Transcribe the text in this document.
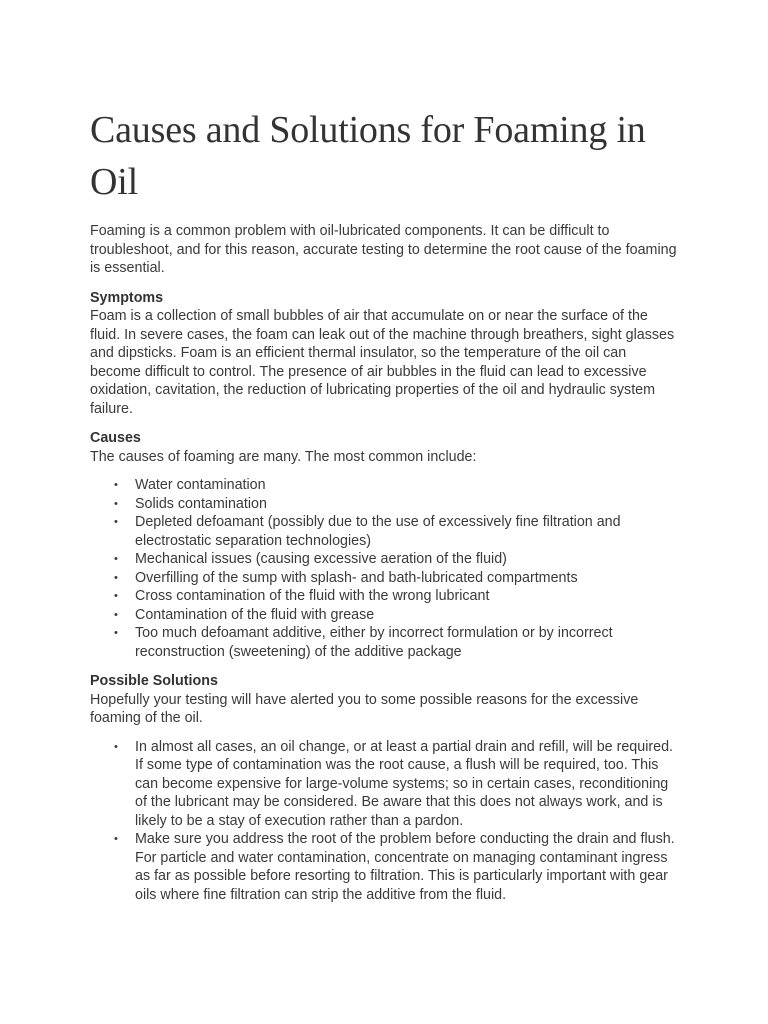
Causes and Solutions for Foaming in Oil

Foaming is a common problem with oil-lubricated components. It can be difficult to troubleshoot, and for this reason, accurate testing to determine the root cause of the foaming is essential.

Symptoms

Foam is a collection of small bubbles of air that accumulate on or near the surface of the fluid. In severe cases, the foam can leak out of the machine through breathers, sight glasses and dipsticks. Foam is an efficient thermal insulator, so the temperature of the oil can become difficult to control. The presence of air bubbles in the fluid can lead to excessive oxidation, cavitation, the reduction of lubricating properties of the oil and hydraulic system failure.

Causes

The causes of foaming are many. The most common include:

• Water contamination
• Solids contamination
• Depleted defoamant (possibly due to the use of excessively fine filtration and electrostatic separation technologies)
• Mechanical issues (causing excessive aeration of the fluid)
• Overfilling of the sump with splash- and bath-lubricated compartments
• Cross contamination of the fluid with the wrong lubricant
• Contamination of the fluid with grease
• Too much defoamant additive, either by incorrect formulation or by incorrect reconstruction (sweetening) of the additive package
Possible Solutions

Hopefully your testing will have alerted you to some possible reasons for the excessive foaming of the oil.

• In almost all cases, an oil change, or at least a partial drain and refill, will be required. If some type of contamination was the root cause, a flush will be required, too. This can become expensive for large-volume systems; so in certain cases, reconditioning of the lubricant may be considered. Be aware that this does not always work, and is likely to be a stay of execution rather than a pardon.
• Make sure you address the root of the problem before conducting the drain and flush. For particle and water contamination, concentrate on managing contaminant ingress as far as possible before resorting to filtration. This is particularly important with gear oils where fine filtration can strip the additive from the fluid.
